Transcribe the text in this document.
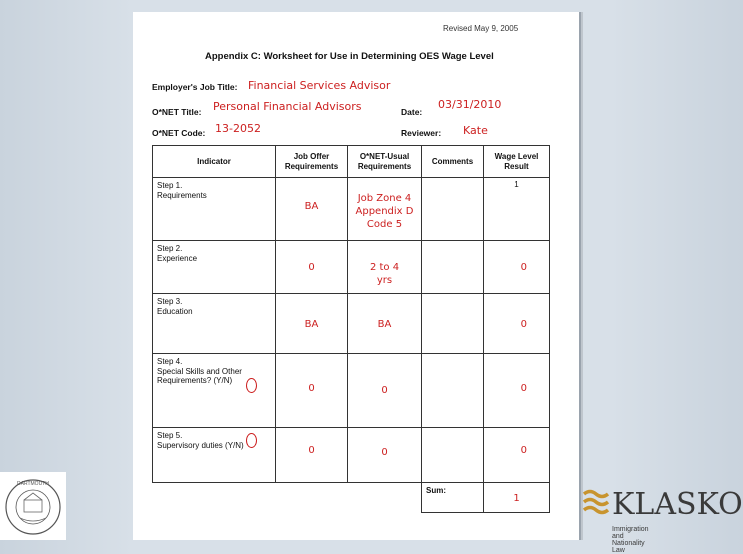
Revised May 9, 2005
Appendix C: Worksheet for Use in Determining OES Wage Level
Employer's Job Title: Financial Services Advisor
O*NET Title: Personal Financial Advisors	Date:
03/31/2010
O*NET Code: 13-2052	Reviewer: Kate
Indicator	Job Offer Requirements	O*NET-Usual Requirements	Comments	Wage Level Result

Step 1.
Requirements	BA	Job Zone 4 Appendix D Code 5		1

Step 2.
Experience	0	2 to 4 yrs		0

Step 3.
Education	BA	BA		0

Step 4.
Special Skills and Other
Requirements? (Y/N)	0	0		0

Step 5.
Supervisory duties (Y/N)	0	0		0

			Sum:	1
DARTMOUTH
KLASKO
Immigration and Nationality Law
